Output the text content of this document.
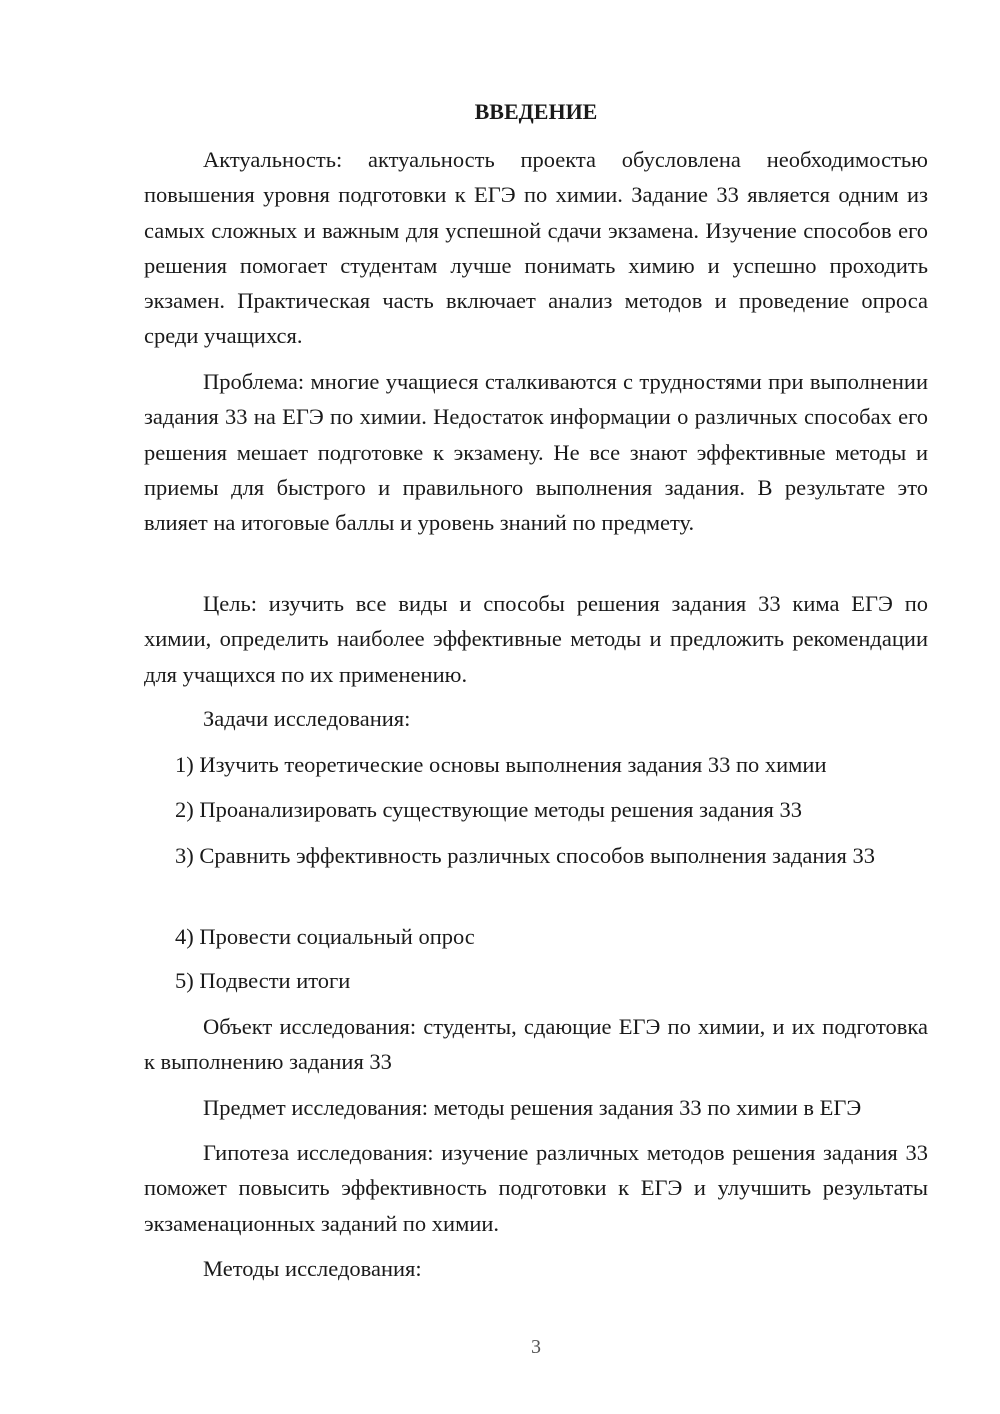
ВВЕДЕНИЕ

Актуальность: актуальность проекта обусловлена необходимостью повышения уровня подготовки к ЕГЭ по химии. Задание 33 является одним из самых сложных и важным для успешной сдачи экзамена. Изучение способов его решения помогает студентам лучше понимать химию и успешно проходить экзамен. Практическая часть включает анализ методов и проведение опроса среди учащихся.

Проблема: многие учащиеся сталкиваются с трудностями при выполнении задания 33 на ЕГЭ по химии. Недостаток информации о различных способах его решения мешает подготовке к экзамену. Не все знают эффективные методы и приемы для быстрого и правильного выполнения задания. В результате это влияет на итоговые баллы и уровень знаний по предмету.

Цель: изучить все виды и способы решения задания 33 кима ЕГЭ по химии, определить наиболее эффективные методы и предложить рекомендации для учащихся по их применению.

Задачи исследования:

1) Изучить теоретические основы выполнения задания 33 по химии

2) Проанализировать существующие методы решения задания 33

3) Сравнить эффективность различных способов выполнения задания 33

4) Провести социальный опрос

5) Подвести итоги

Объект исследования: студенты, сдающие ЕГЭ по химии, и их подготовка к выполнению задания 33

Предмет исследования: методы решения задания 33 по химии в ЕГЭ

Гипотеза исследования: изучение различных методов решения задания 33 поможет повысить эффективность подготовки к ЕГЭ и улучшить результаты экзаменационных заданий по химии.

Методы исследования:

3
